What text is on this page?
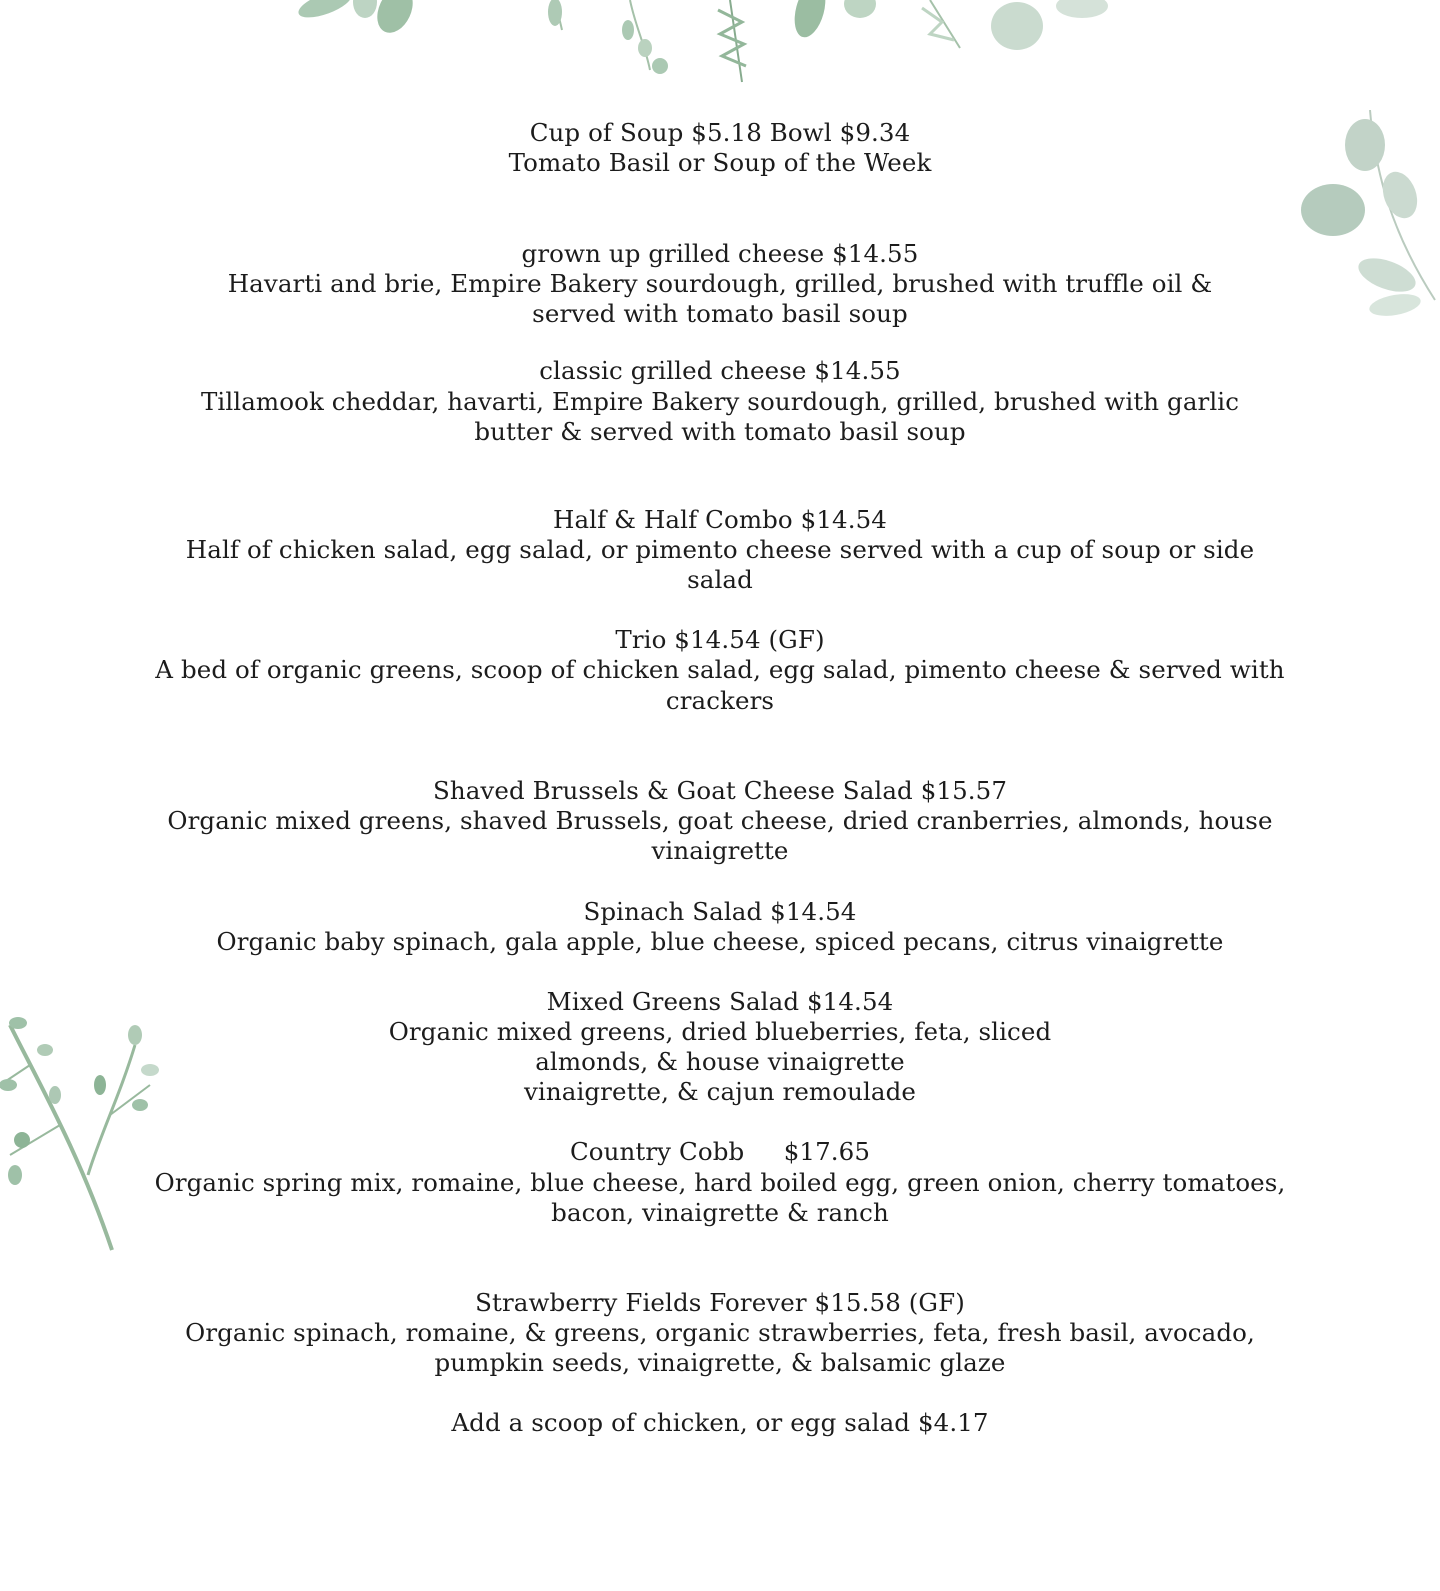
Cup of Soup $5.18 Bowl $9.34
Tomato Basil or Soup of the Week
grown up grilled cheese $14.55
Havarti and brie, Empire Bakery sourdough, grilled, brushed with truffle oil &
served with tomato basil soup
classic grilled cheese $14.55
Tillamook cheddar, havarti, Empire Bakery sourdough, grilled, brushed with garlic
butter & served with tomato basil soup
Half & Half Combo $14.54
Half of chicken salad, egg salad, or pimento cheese served with a cup of soup or side
salad
Trio $14.54 (GF)
A bed of organic greens, scoop of chicken salad, egg salad, pimento cheese & served with
crackers
Shaved Brussels & Goat Cheese Salad $15.57
Organic mixed greens, shaved Brussels, goat cheese, dried cranberries, almonds, house
vinaigrette
Spinach Salad $14.54
Organic baby spinach, gala apple, blue cheese, spiced pecans, citrus vinaigrette
Mixed Greens Salad $14.54
Organic mixed greens, dried blueberries, feta, sliced
almonds, & house vinaigrette
vinaigrette, & cajun remoulade
Country Cobb     $17.65
Organic spring mix, romaine, blue cheese, hard boiled egg, green onion, cherry tomatoes,
bacon, vinaigrette & ranch
Strawberry Fields Forever $15.58 (GF)
Organic spinach, romaine, & greens, organic strawberries, feta, fresh basil, avocado,
pumpkin seeds, vinaigrette, & balsamic glaze
Add a scoop of chicken, or egg salad $4.17
